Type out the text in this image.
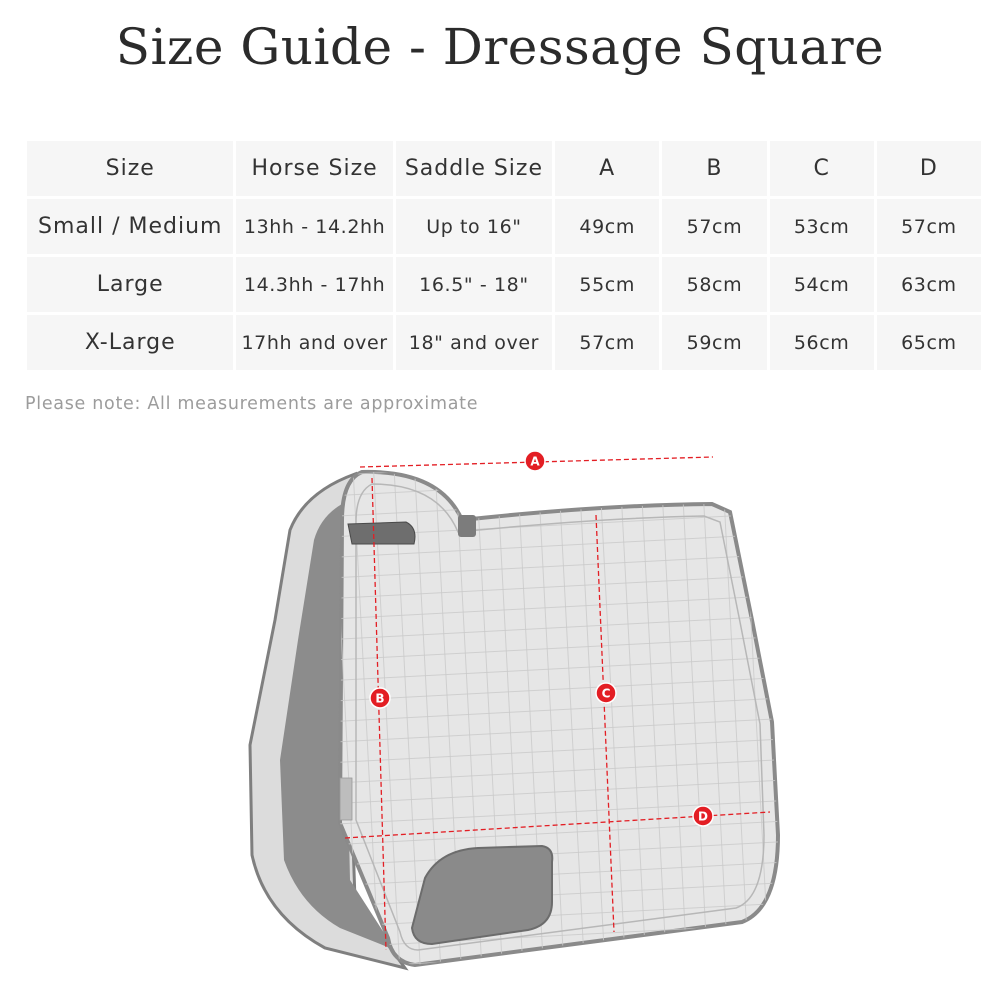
Size Guide - Dressage Square
Size	Horse Size	Saddle Size	A	B	C	D
Small / Medium	13hh - 14.2hh	Up to 16"	49cm	57cm	53cm	57cm
Large	14.3hh - 17hh	16.5" - 18"	55cm	58cm	54cm	63cm
X-Large	17hh and over	18" and over	57cm	59cm	56cm	65cm
Please note: All measurements are approximate
A
B	C
D
